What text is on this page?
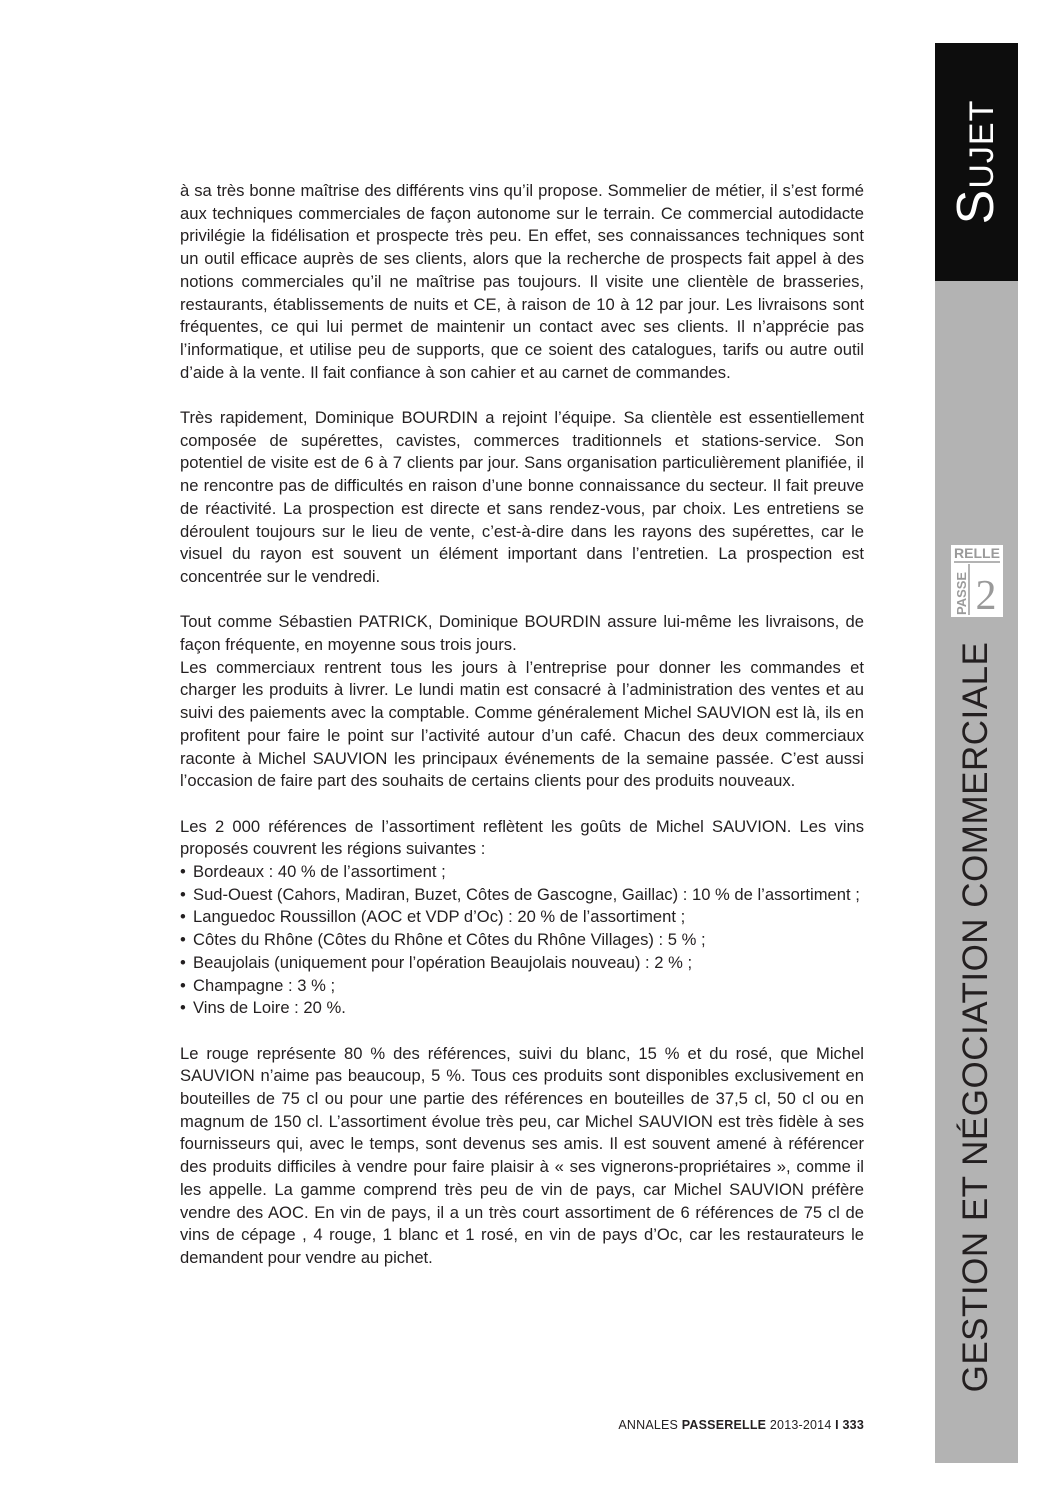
SUJET
RELLE
PASSE 2
GESTION ET NÉGOCIATION COMMERCIALE

à sa très bonne maîtrise des différents vins qu’il propose. Sommelier de métier, il s’est formé aux techniques commerciales de façon autonome sur le terrain. Ce commercial autodidacte privilégie la fidélisation et prospecte très peu. En effet, ses connaissances techniques sont un outil efficace auprès de ses clients, alors que la recherche de prospects fait appel à des notions commerciales qu’il ne maîtrise pas toujours. Il visite une clientèle de brasseries, restaurants, établissements de nuits et CE, à raison de 10 à 12 par jour. Les livraisons sont fréquentes, ce qui lui permet de maintenir un contact avec ses clients. Il n’apprécie pas l’informatique, et utilise peu de supports, que ce soient des catalogues, tarifs ou autre outil d’aide à la vente. Il fait confiance à son cahier et au carnet de commandes.

Très rapidement, Dominique BOURDIN a rejoint l’équipe. Sa clientèle est essentiellement composée de supérettes, cavistes, commerces traditionnels et stations-service. Son potentiel de visite est de 6 à 7 clients par jour. Sans organisation particulièrement planifiée, il ne rencontre pas de difficultés en raison d’une bonne connaissance du secteur. Il fait preuve de réactivité. La prospection est directe et sans rendez-vous, par choix. Les entretiens se déroulent toujours sur le lieu de vente, c’est-à-dire dans les rayons des supérettes, car le visuel du rayon est souvent un élément important dans l’entretien. La prospection est concentrée sur le vendredi.

Tout comme Sébastien PATRICK, Dominique BOURDIN assure lui-même les livraisons, de façon fréquente, en moyenne sous trois jours.

Les commerciaux rentrent tous les jours à l’entreprise pour donner les commandes et charger les produits à livrer. Le lundi matin est consacré à l’administration des ventes et au suivi des paiements avec la comptable. Comme généralement Michel SAUVION est là, ils en profitent pour faire le point sur l’activité autour d’un café. Chacun des deux commerciaux raconte à Michel SAUVION les principaux événements de la semaine passée. C’est aussi l’occasion de faire part des souhaits de certains clients pour des produits nouveaux.

Les 2 000 références de l’assortiment reflètent les goûts de Michel SAUVION. Les vins proposés couvrent les régions suivantes :

• Bordeaux : 40 % de l’assortiment ;
• Sud-Ouest (Cahors, Madiran, Buzet, Côtes de Gascogne, Gaillac) : 10 % de l’assortiment ;
• Languedoc Roussillon (AOC et VDP d’Oc) : 20 % de l’assortiment ;
• Côtes du Rhône (Côtes du Rhône et Côtes du Rhône Villages) : 5 % ;
• Beaujolais (uniquement pour l’opération Beaujolais nouveau) : 2 % ;
• Champagne : 3 % ;
• Vins de Loire : 20 %.

Le rouge représente 80 % des références, suivi du blanc, 15 % et du rosé, que Michel SAUVION n’aime pas beaucoup, 5 %. Tous ces produits sont disponibles exclusivement en bouteilles de 75 cl ou pour une partie des références en bouteilles de 37,5 cl, 50 cl ou en magnum de 150 cl. L’assortiment évolue très peu, car Michel SAUVION est très fidèle à ses fournisseurs qui, avec le temps, sont devenus ses amis. Il est souvent amené à référencer des produits difficiles à vendre pour faire plaisir à « ses vignerons-propriétaires », comme il les appelle. La gamme comprend très peu de vin de pays, car Michel SAUVION préfère vendre des AOC. En vin de pays, il a un très court assortiment de 6 références de 75 cl de vins de cépage , 4 rouge, 1 blanc et 1 rosé, en vin de pays d’Oc, car les restaurateurs le demandent pour vendre au pichet.

ANNALES PASSERELLE 2013-2014 I 333
